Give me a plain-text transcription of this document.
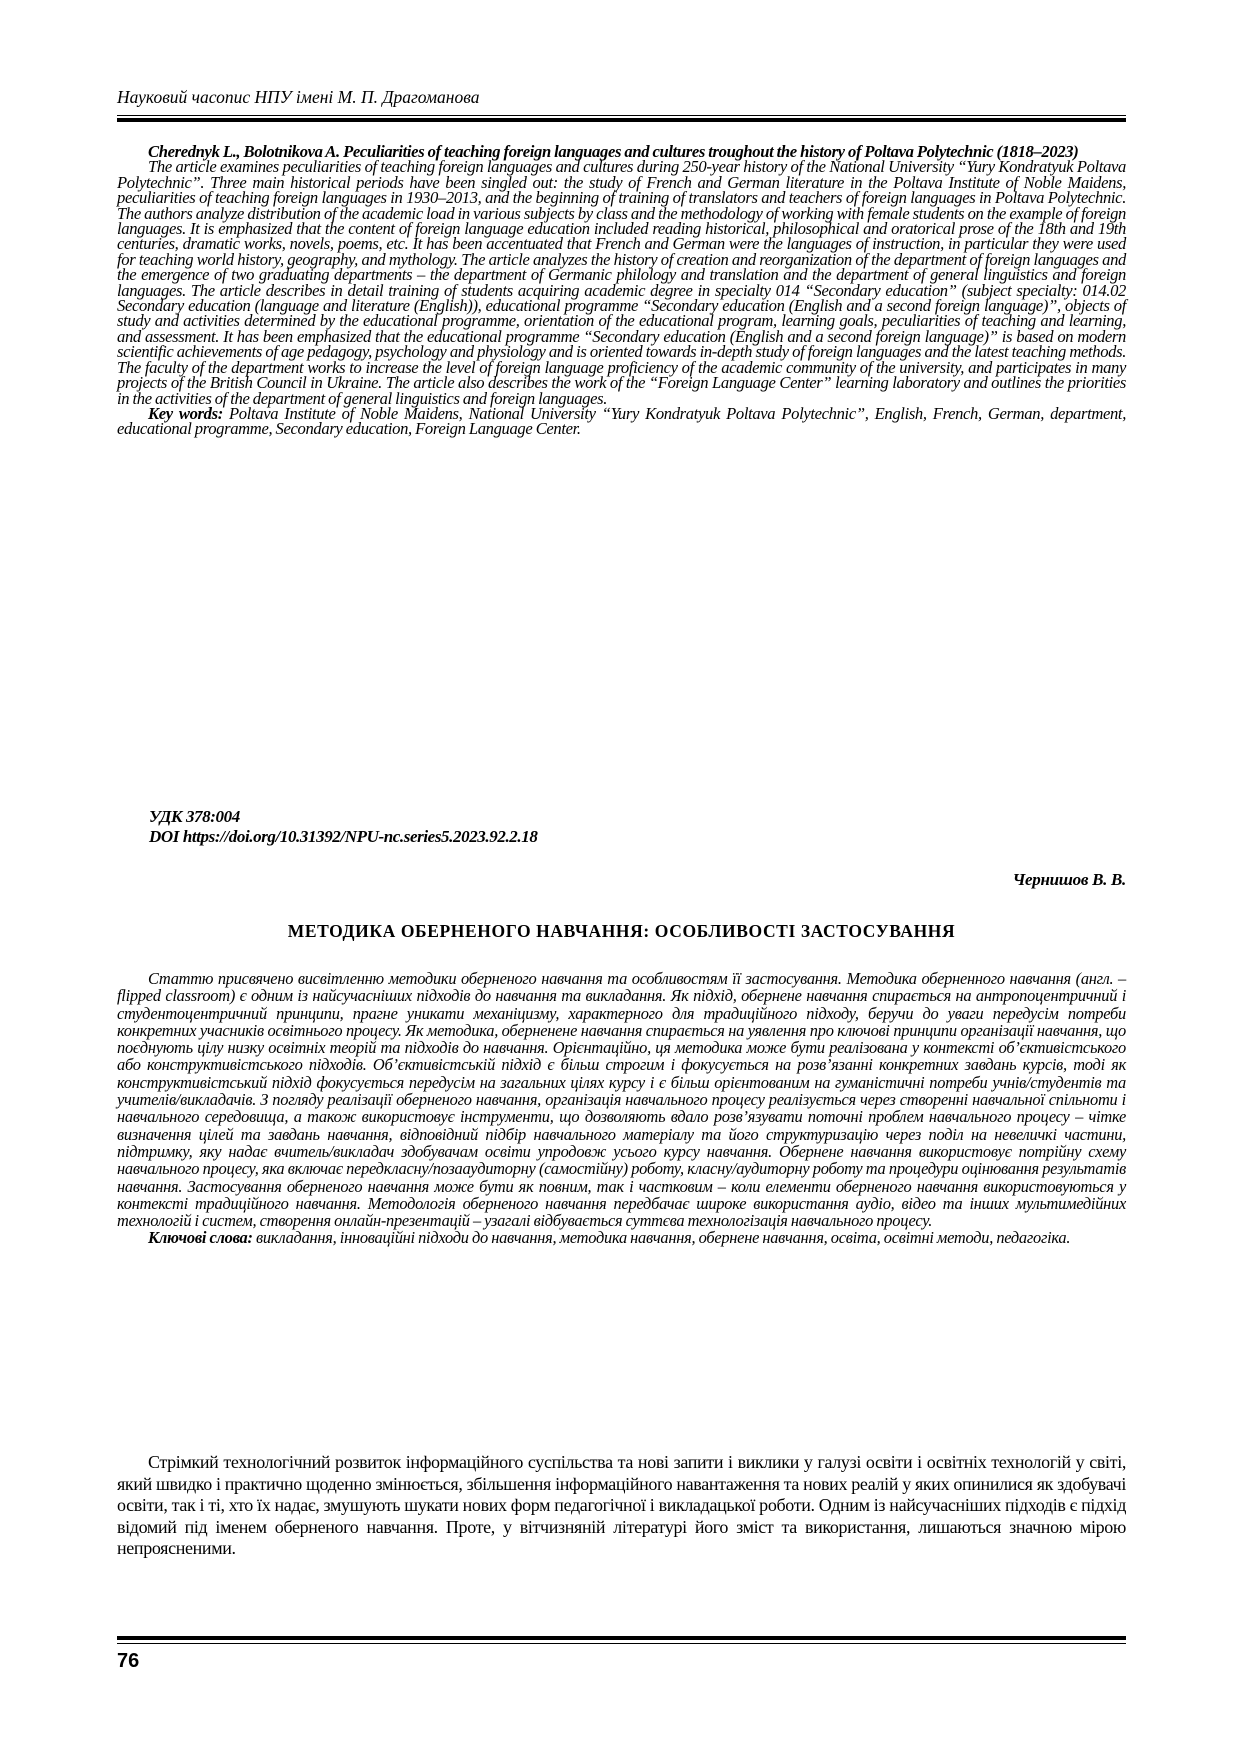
Науковий часопис НПУ імені М. П. Драгоманова

Cherednyk L., Bolotnikova A. Peculiarities of teaching foreign languages and cultures troughout the history of Poltava Polytechnic (1818–2023)

The article examines peculiarities of teaching foreign languages and cultures during 250-year history of the National University “Yury Kondratyuk Poltava Polytechnic”. Three main historical periods have been singled out: the study of French and German literature in the Poltava Institute of Noble Maidens, peculiarities of teaching foreign languages in 1930–2013, and the beginning of training of translators and teachers of foreign languages in Poltava Polytechnic. The authors analyze distribution of the academic load in various subjects by class and the methodology of working with female students on the example of foreign languages. It is emphasized that the content of foreign language education included reading historical, philosophical and oratorical prose of the 18th and 19th centuries, dramatic works, novels, poems, etc. It has been accentuated that French and German were the languages of instruction, in particular they were used for teaching world history, geography, and mythology. The article analyzes the history of creation and reorganization of the department of foreign languages and the emergence of two graduating departments – the department of Germanic philology and translation and the department of general linguistics and foreign languages. The article describes in detail training of students acquiring academic degree in specialty 014 “Secondary education” (subject specialty: 014.02 Secondary education (language and literature (English)), educational programme “Secondary education (English and a second foreign language)”, objects of study and activities determined by the educational programme, orientation of the educational program, learning goals, peculiarities of teaching and learning, and assessment. It has been emphasized that the educational programme “Secondary education (English and a second foreign language)” is based on modern scientific achievements of age pedagogy, psychology and physiology and is oriented towards in-depth study of foreign languages and the latest teaching methods. The faculty of the department works to increase the level of foreign language proficiency of the academic community of the university, and participates in many projects of the British Council in Ukraine. The article also describes the work of the “Foreign Language Center” learning laboratory and outlines the priorities in the activities of the department of general linguistics and foreign languages.

Key words: Poltava Institute of Noble Maidens, National University “Yury Kondratyuk Poltava Polytechnic”, English, French, German, department, educational programme, Secondary education, Foreign Language Center.

УДК 378:004
DOI https://doi.org/10.31392/NPU-nc.series5.2023.92.2.18
Чернишов В. В.
МЕТОДИКА ОБЕРНЕНОГО НАВЧАННЯ: ОСОБЛИВОСТІ ЗАСТОСУВАННЯ

Статтю присвячено висвітленню методики оберненого навчання та особливостям її застосування. Методика оберненного навчання (англ. – flipped classroom) є одним із найсучасніших підходів до навчання та викладання. Як підхід, обернене навчання спирається на антропоцентричний і студентоцентричний принципи, прагне уникати механіцизму, характерного для традиційного підходу, беручи до уваги передусім потреби конкретних учасників освітнього процесу. Як методика, оберненене навчання спирається на уявлення про ключові принципи організації навчання, що поєднують цілу низку освітніх теорій та підходів до навчання. Орієнтаційно, ця методика може бути реалізована у контексті об’єктивістського або конструктивістського підходів. Об’єктивістській підхід є більш строгим і фокусується на розв’язанні конкретних завдань курсів, тоді як конструктивістський підхід фокусується передусім на загальних цілях курсу і є більш орієнтованим на гуманістичні потреби учнів/студентів та учителів/викладачів. З погляду реалізації оберненого навчання, організація навчального процесу реалізується через створенні навчальної спільноти і навчального середовища, а також використовує інструменти, що дозволяють вдало розв’язувати поточні проблем навчального процесу – чітке визначення цілей та завдань навчання, відповідний підбір навчального матеріалу та його структуризацію через поділ на невеличкі частини, підтримку, яку надає вчитель/викладач здобувачам освіти упродовж усього курсу навчання. Обернене навчання використовує потрійну схему навчального процесу, яка включає передкласну/позааудиторну (самостійну) роботу, класну/аудиторну роботу та процедури оцінювання результатів навчання. Застосування оберненого навчання може бути як повним, так і частковим – коли елементи оберненого навчання використовуються у контексті традиційного навчання. Методологія оберненого навчання передбачає широке використання аудіо, відео та інших мультимедійних технологій і систем, створення онлайн-презентацій – узагалі відбувається суттєва технологізація навчального процесу.

Ключові слова: викладання, інноваційні підходи до навчання, методика навчання, обернене навчання, освіта, освітні методи, педагогіка.

Стрімкий технологічний розвиток інформаційного суспільства та нові запити і виклики у галузі освіти і освітніх технологій у світі, який швидко і практично щоденно змінюється, збільшення інформаційного навантаження та нових реалій у яких опинилися як здобувачі освіти, так і ті, хто їх надає, змушують шукати нових форм педагогічної і викладацької роботи. Одним із найсучасніших підходів є підхід відомий під іменем оберненого навчання. Проте, у вітчизняній літературі його зміст та використання, лишаються значною мірою непроясненими.

76
